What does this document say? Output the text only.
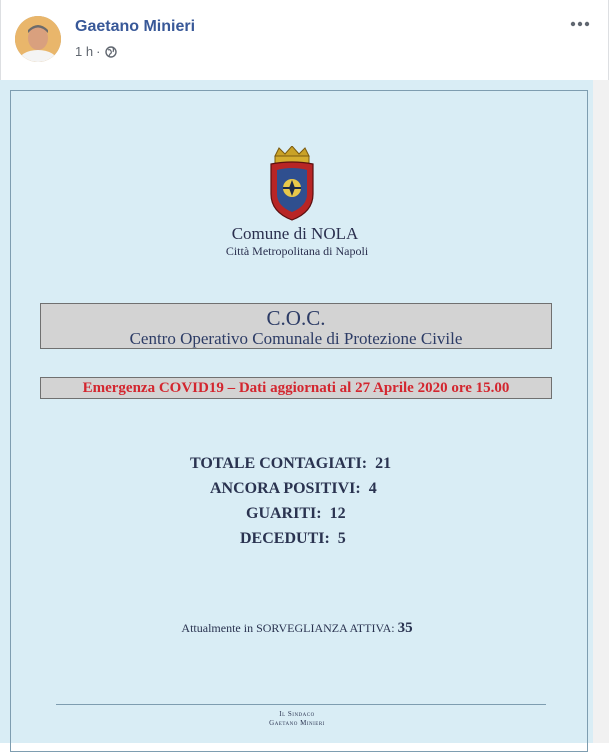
Gaetano Minieri
1 h ·
Comune di NOLA
Città Metropolitana di Napoli
C.O.C.
Centro Operativo Comunale di Protezione Civile
Emergenza COVID19 – Dati aggiornati al 27 Aprile 2020 ore 15.00
TOTALE CONTAGIATI: 21
ANCORA POSITIVI: 4
GUARITI: 12
DECEDUTI: 5
Attualmente in SORVEGLIANZA ATTIVA: 35
Il Sindaco
Gaetano Minieri
